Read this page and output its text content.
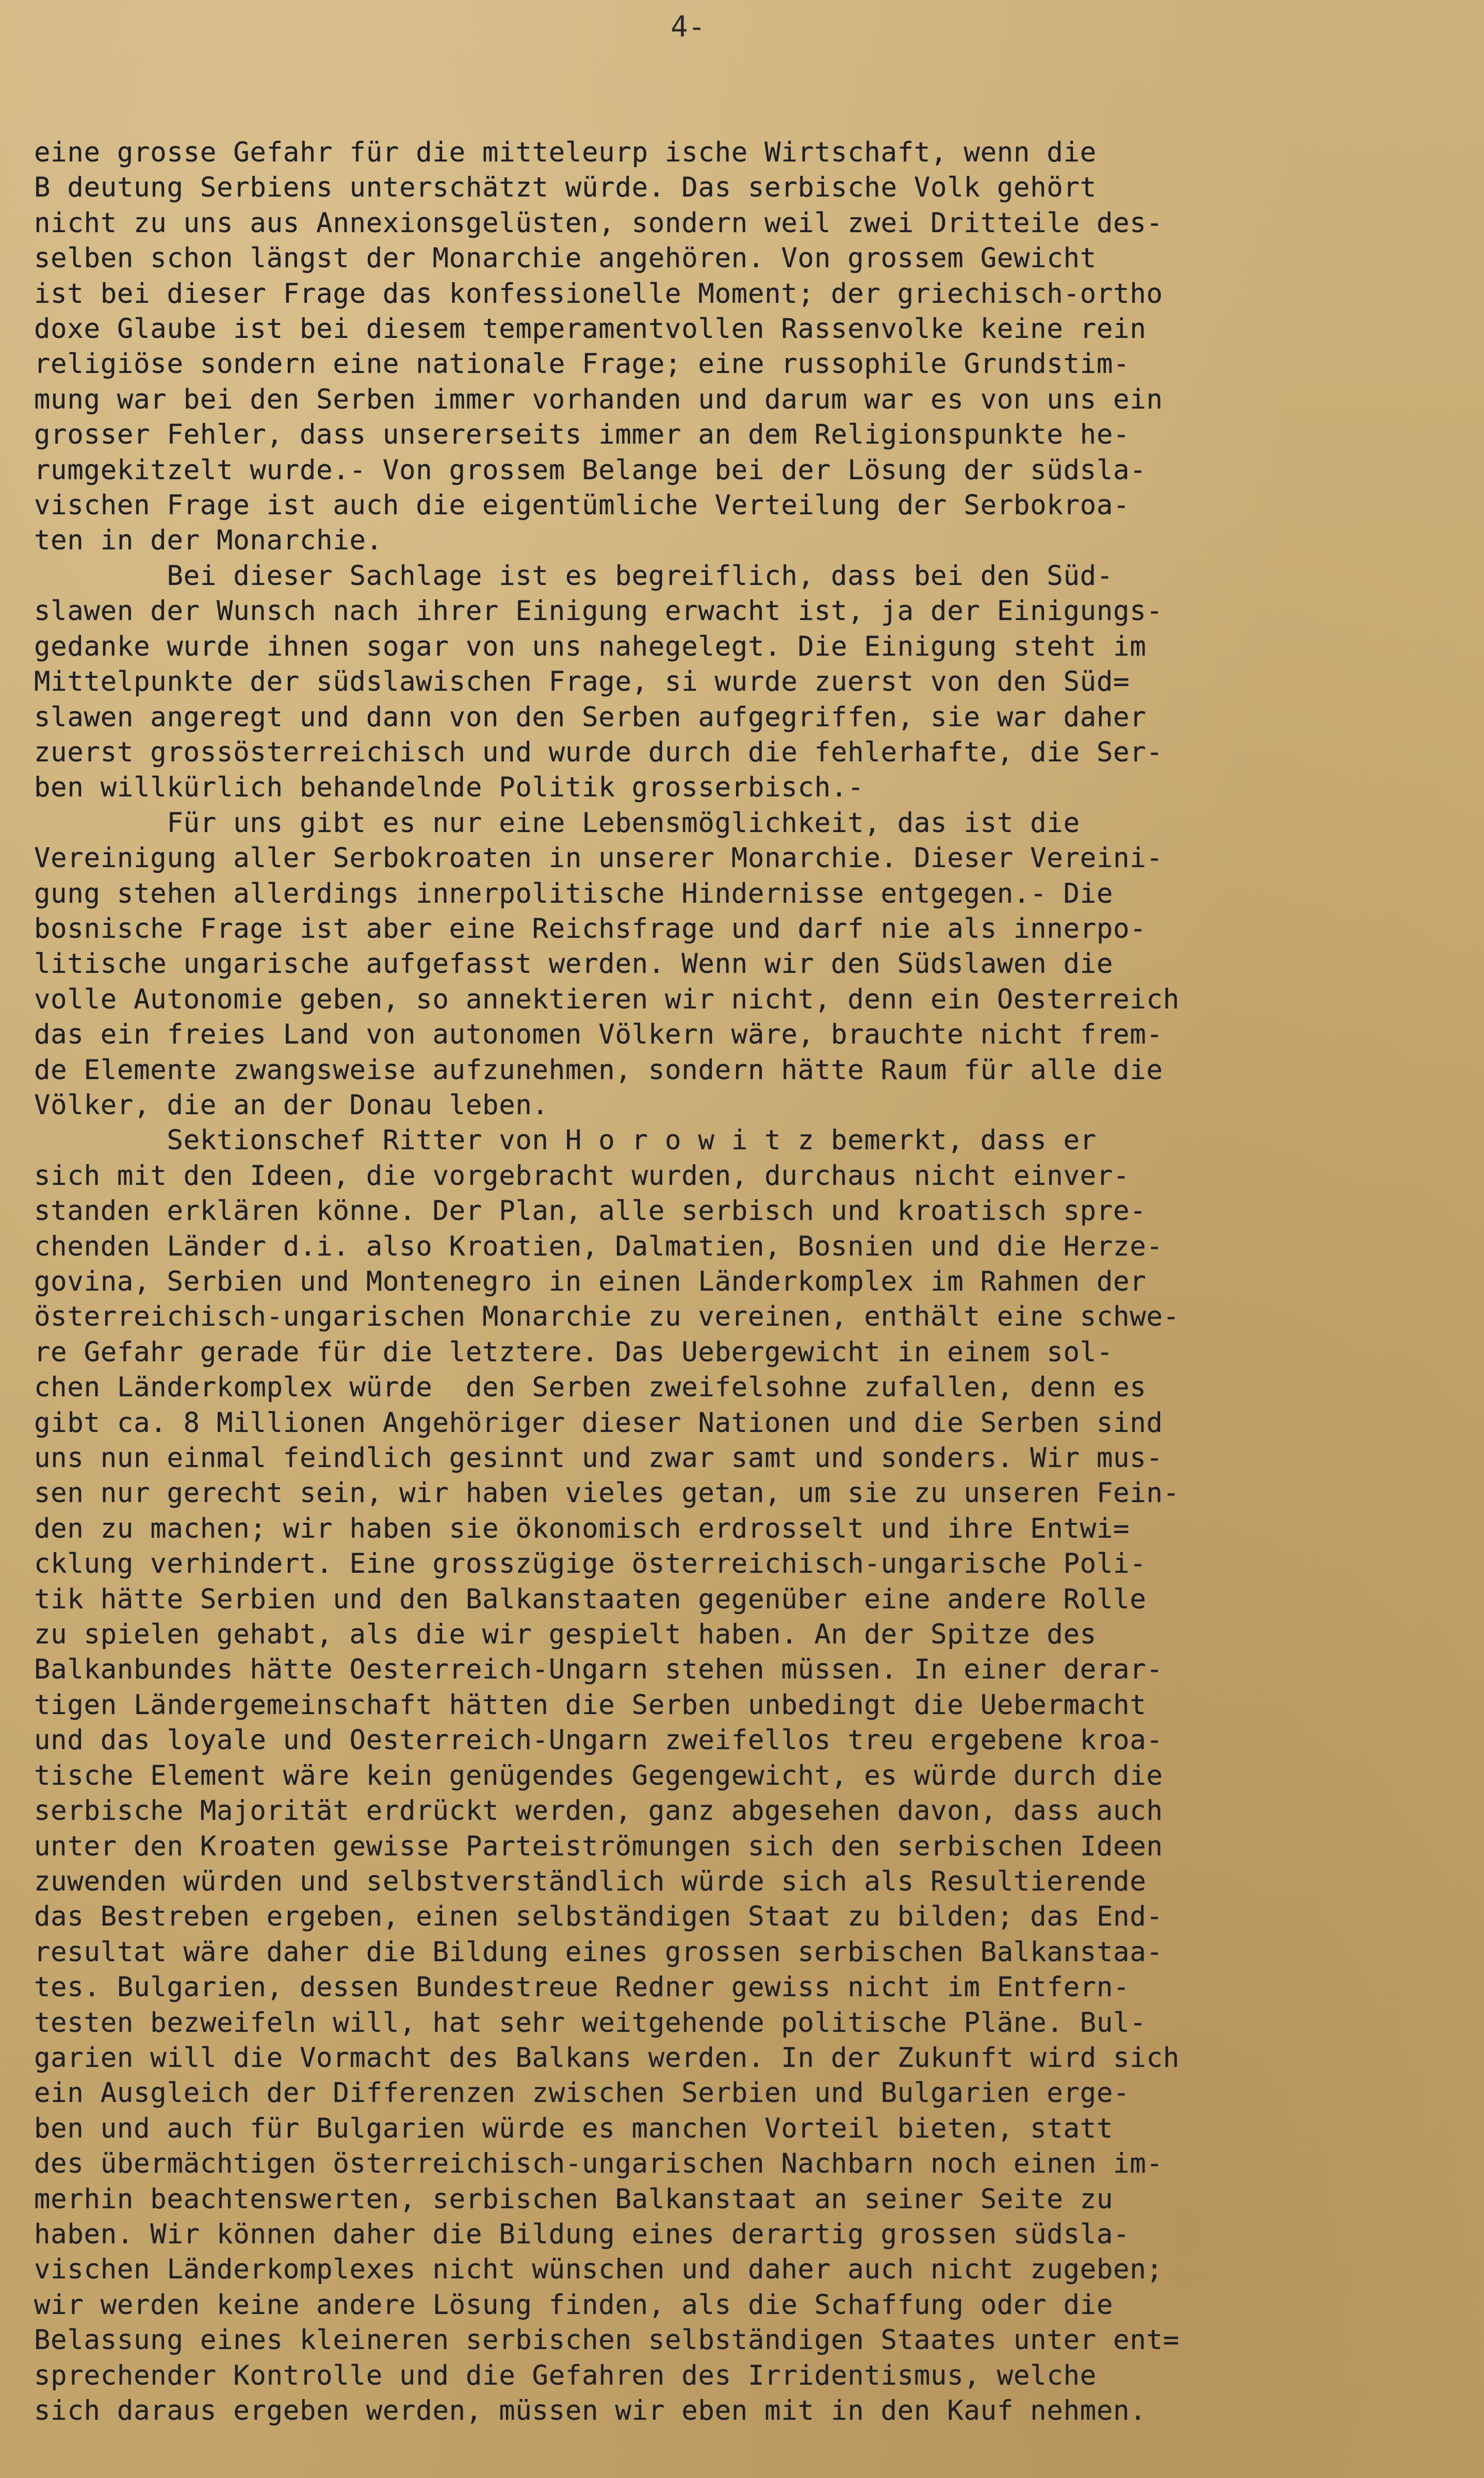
4-

eine grosse Gefahr für die mitteleurp ische Wirtschaft, wenn die
B deutung Serbiens unterschätzt würde. Das serbische Volk gehört
nicht zu uns aus Annexionsgelüsten, sondern weil zwei Dritteile des-
selben schon längst der Monarchie angehören. Von grossem Gewicht
ist bei dieser Frage das konfessionelle Moment; der griechisch-ortho
doxe Glaube ist bei diesem temperamentvollen Rassenvolke keine rein
religiöse sondern eine nationale Frage; eine russophile Grundstim-
mung war bei den Serben immer vorhanden und darum war es von uns ein
grosser Fehler, dass unsererseits immer an dem Religionspunkte he-
rumgekitzelt wurde.- Von grossem Belange bei der Lösung der südsla-
vischen Frage ist auch die eigentümliche Verteilung der Serbokroa-
ten in der Monarchie.
Bei dieser Sachlage ist es begreiflich, dass bei den Süd-
slawen der Wunsch nach ihrer Einigung erwacht ist, ja der Einigungs-
gedanke wurde ihnen sogar von uns nahegelegt. Die Einigung steht im
Mittelpunkte der südslawischen Frage, si wurde zuerst von den Süd=
slawen angeregt und dann von den Serben aufgegriffen, sie war daher
zuerst grossösterreichisch und wurde durch die fehlerhafte, die Ser-
ben willkürlich behandelnde Politik grosserbisch.-
Für uns gibt es nur eine Lebensmöglichkeit, das ist die
Vereinigung aller Serbokroaten in unserer Monarchie. Dieser Vereini-
gung stehen allerdings innerpolitische Hindernisse entgegen.- Die
bosnische Frage ist aber eine Reichsfrage und darf nie als innerpo-
litische ungarische aufgefasst werden. Wenn wir den Südslawen die
volle Autonomie geben, so annektieren wir nicht, denn ein Oesterreich
das ein freies Land von autonomen Völkern wäre, brauchte nicht frem-
de Elemente zwangsweise aufzunehmen, sondern hätte Raum für alle die
Völker, die an der Donau leben.
Sektionschef Ritter von H o r o w i t z bemerkt, dass er
sich mit den Ideen, die vorgebracht wurden, durchaus nicht einver-
standen erklären könne. Der Plan, alle serbisch und kroatisch spre-
chenden Länder d.i. also Kroatien, Dalmatien, Bosnien und die Herze-
govina, Serbien und Montenegro in einen Länderkomplex im Rahmen der
österreichisch-ungarischen Monarchie zu vereinen, enthält eine schwe-
re Gefahr gerade für die letztere. Das Uebergewicht in einem sol-
chen Länderkomplex würde  den Serben zweifelsohne zufallen, denn es
gibt ca. 8 Millionen Angehöriger dieser Nationen und die Serben sind
uns nun einmal feindlich gesinnt und zwar samt und sonders. Wir mus-
sen nur gerecht sein, wir haben vieles getan, um sie zu unseren Fein-
den zu machen; wir haben sie ökonomisch erdrosselt und ihre Entwi=
cklung verhindert. Eine grosszügige österreichisch-ungarische Poli-
tik hätte Serbien und den Balkanstaaten gegenüber eine andere Rolle
zu spielen gehabt, als die wir gespielt haben. An der Spitze des
Balkanbundes hätte Oesterreich-Ungarn stehen müssen. In einer derar-
tigen Ländergemeinschaft hätten die Serben unbedingt die Uebermacht
und das loyale und Oesterreich-Ungarn zweifellos treu ergebene kroa-
tische Element wäre kein genügendes Gegengewicht, es würde durch die
serbische Majorität erdrückt werden, ganz abgesehen davon, dass auch
unter den Kroaten gewisse Parteiströmungen sich den serbischen Ideen
zuwenden würden und selbstverständlich würde sich als Resultierende
das Bestreben ergeben, einen selbständigen Staat zu bilden; das End-
resultat wäre daher die Bildung eines grossen serbischen Balkanstaa-
tes. Bulgarien, dessen Bundestreue Redner gewiss nicht im Entfern-
testen bezweifeln will, hat sehr weitgehende politische Pläne. Bul-
garien will die Vormacht des Balkans werden. In der Zukunft wird sich
ein Ausgleich der Differenzen zwischen Serbien und Bulgarien erge-
ben und auch für Bulgarien würde es manchen Vorteil bieten, statt
des übermächtigen österreichisch-ungarischen Nachbarn noch einen im-
merhin beachtenswerten, serbischen Balkanstaat an seiner Seite zu
haben. Wir können daher die Bildung eines derartig grossen südsla-
vischen Länderkomplexes nicht wünschen und daher auch nicht zugeben;
wir werden keine andere Lösung finden, als die Schaffung oder die
Belassung eines kleineren serbischen selbständigen Staates unter ent=
sprechender Kontrolle und die Gefahren des Irridentismus, welche
sich daraus ergeben werden, müssen wir eben mit in den Kauf nehmen.
